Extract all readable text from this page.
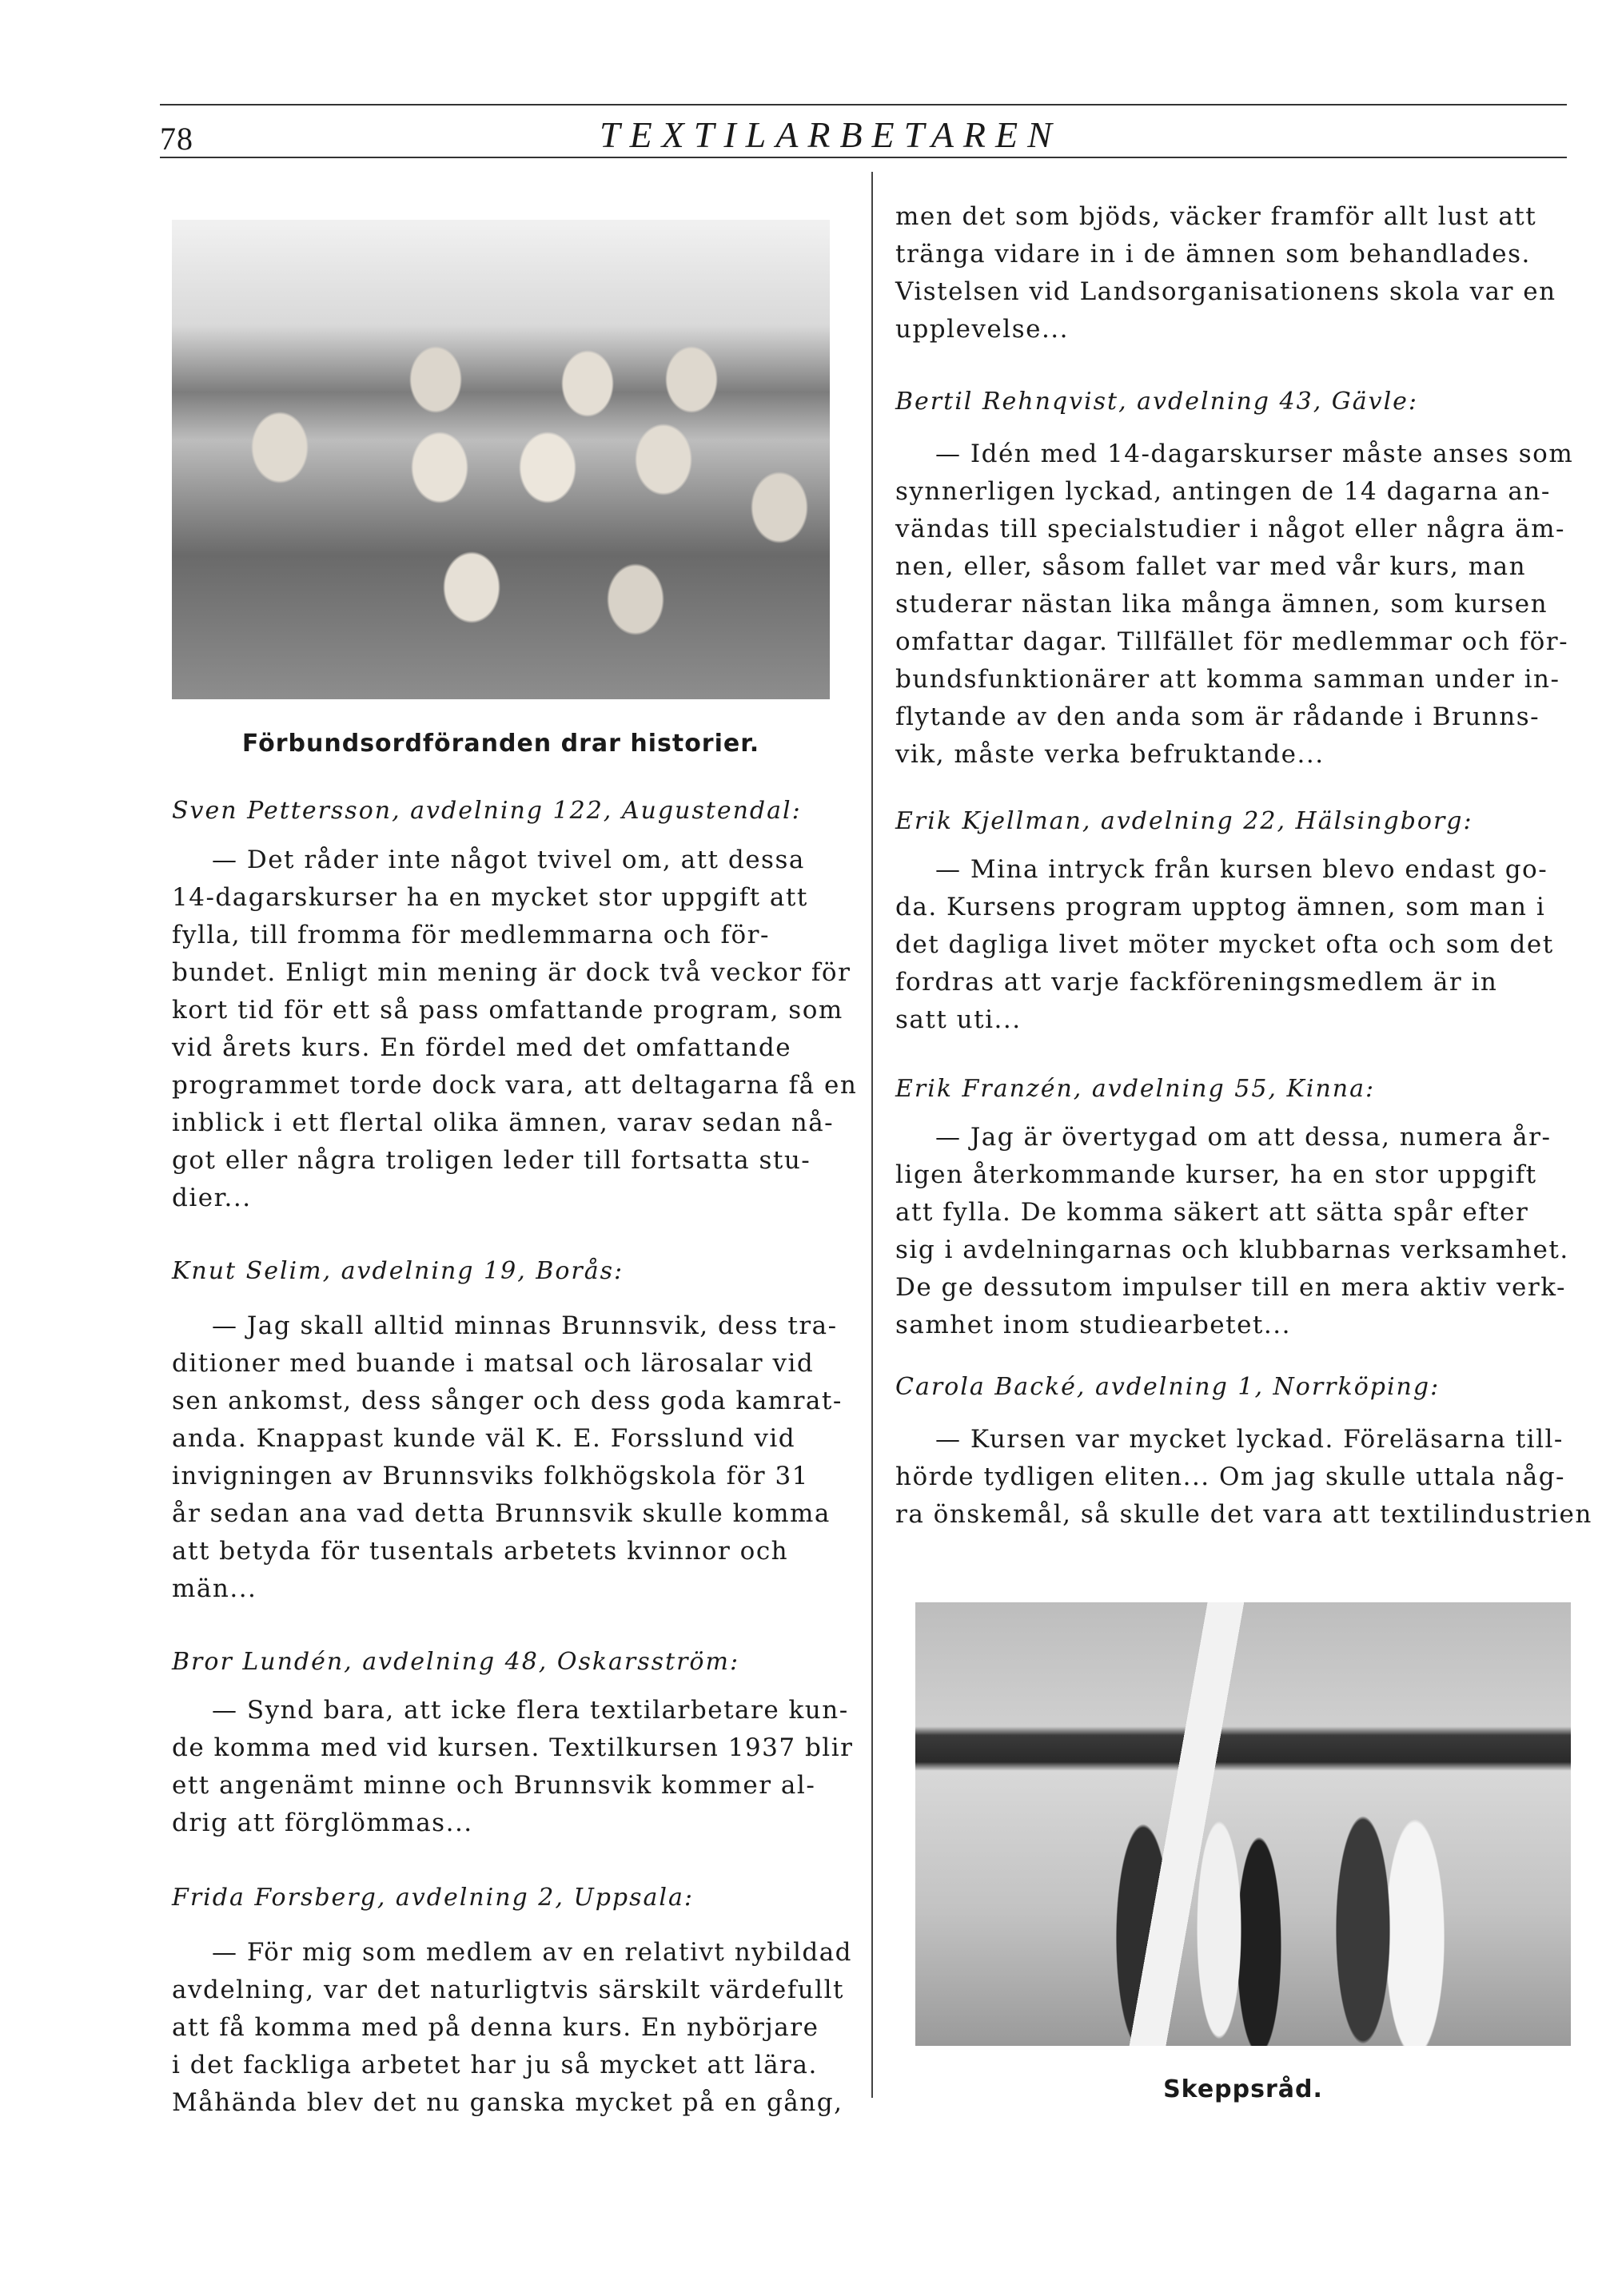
78	TEXTILARBETAREN
Förbundsordföranden drar historier.
Sven Pettersson, avdelning 122, Augustendal:
— Det råder inte något tvivel om, att dessa
14-dagarskurser ha en mycket stor uppgift att
fylla, till fromma för medlemmarna och för-
bundet. Enligt min mening är dock två veckor för
kort tid för ett så pass omfattande program, som
vid årets kurs. En fördel med det omfattande
programmet torde dock vara, att deltagarna få en
inblick i ett flertal olika ämnen, varav sedan nå-
got eller några troligen leder till fortsatta stu-
dier...
Knut Selim, avdelning 19, Borås:
— Jag skall alltid minnas Brunnsvik, dess tra-
ditioner med buande i matsal och lärosalar vid
sen ankomst, dess sånger och dess goda kamrat-
anda. Knappast kunde väl K. E. Forsslund vid
invigningen av Brunnsviks folkhögskola för 31
år sedan ana vad detta Brunnsvik skulle komma
att betyda för tusentals arbetets kvinnor och
män...
Bror Lundén, avdelning 48, Oskarsström:
— Synd bara, att icke flera textilarbetare kun-
de komma med vid kursen. Textilkursen 1937 blir
ett angenämt minne och Brunnsvik kommer al-
drig att förglömmas...
Frida Forsberg, avdelning 2, Uppsala:
— För mig som medlem av en relativt nybildad
avdelning, var det naturligtvis särskilt värdefullt
att få komma med på denna kurs. En nybörjare
i det fackliga arbetet har ju så mycket att lära.
Måhända blev det nu ganska mycket på en gång,
men det som bjöds, väcker framför allt lust att
tränga vidare in i de ämnen som behandlades.
Vistelsen vid Landsorganisationens skola var en
upplevelse...
Bertil Rehnqvist, avdelning 43, Gävle:
— Idén med 14-dagarskurser måste anses som
synnerligen lyckad, antingen de 14 dagarna an-
vändas till specialstudier i något eller några äm-
nen, eller, såsom fallet var med vår kurs, man
studerar nästan lika många ämnen, som kursen
omfattar dagar. Tillfället för medlemmar och för-
bundsfunktionärer att komma samman under in-
flytande av den anda som är rådande i Brunns-
vik, måste verka befruktande...
Erik Kjellman, avdelning 22, Hälsingborg:
— Mina intryck från kursen blevo endast go-
da. Kursens program upptog ämnen, som man i
det dagliga livet möter mycket ofta och som det
fordras att varje fackföreningsmedlem är in
satt uti...
Erik Franzén, avdelning 55, Kinna:
— Jag är övertygad om att dessa, numera år-
ligen återkommande kurser, ha en stor uppgift
att fylla. De komma säkert att sätta spår efter
sig i avdelningarnas och klubbarnas verksamhet.
De ge dessutom impulser till en mera aktiv verk-
samhet inom studiearbetet...
Carola Backé, avdelning 1, Norrköping:
— Kursen var mycket lyckad. Föreläsarna till-
hörde tydligen eliten... Om jag skulle uttala någ-
ra önskemål, så skulle det vara att textilindustrien
Skeppsråd.
